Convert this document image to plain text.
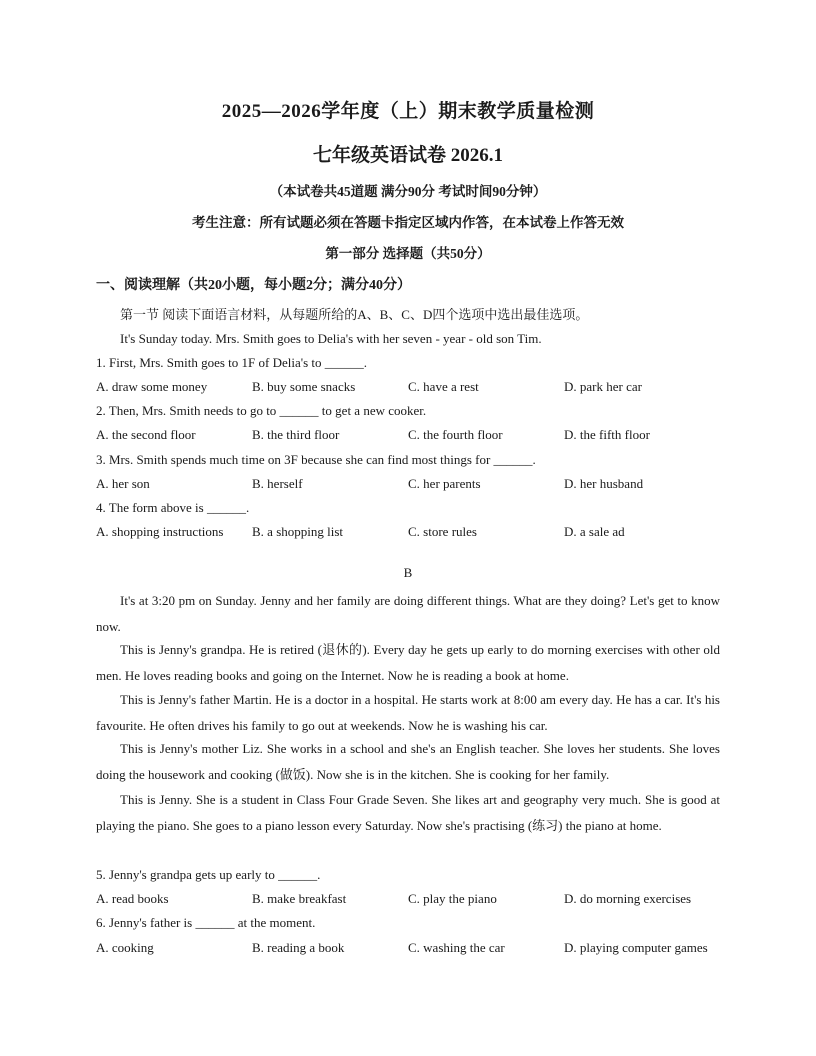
2025—2026学年度（上）期末教学质量检测
七年级英语试卷 2026.1
（本试卷共45道题 满分90分 考试时间90分钟）
考生注意：所有试题必须在答题卡指定区域内作答，在本试卷上作答无效
第一部分 选择题（共50分）
一、阅读理解（共20小题，每小题2分；满分40分）
第一节 阅读下面语言材料，从每题所给的A、B、C、D四个选项中选出最佳选项。
It's Sunday today. Mrs. Smith goes to Delia's with her seven - year - old son Tim.
1. First, Mrs. Smith goes to 1F of Delia's to ______.
A. draw some money	B. buy some snacks	C. have a rest	D. park her car
2. Then, Mrs. Smith needs to go to ______ to get a new cooker.
A. the second floor	B. the third floor	C. the fourth floor	D. the fifth floor
3. Mrs. Smith spends much time on 3F because she can find most things for ______.
A. her son	B. herself	C. her parents	D. her husband
4. The form above is ______.
A. shopping instructions B. a shopping list	C. store rules	D. a sale ad
B
It's at 3:20 pm on Sunday. Jenny and her family are doing different things. What are they doing? Let's get to know now.
This is Jenny's grandpa. He is retired (退休的). Every day he gets up early to do morning exercises with other old men. He loves reading books and going on the Internet. Now he is reading a book at home.
This is Jenny's father Martin. He is a doctor in a hospital. He starts work at 8:00 am every day. He has a car. It's his favourite. He often drives his family to go out at weekends. Now he is washing his car.
This is Jenny's mother Liz. She works in a school and she's an English teacher. She loves her students. She loves doing the housework and cooking (做饭). Now she is in the kitchen. She is cooking for her family.
This is Jenny. She is a student in Class Four Grade Seven. She likes art and geography very much. She is good at playing the piano. She goes to a piano lesson every Saturday. Now she's practising (练习) the piano at home.
5. Jenny's grandpa gets up early to ______.
A. read books	B. make breakfast	C. play the piano	D. do morning exercises
6. Jenny's father is ______ at the moment.
A. cooking	B. reading a book	C. washing the car	D. playing computer games
